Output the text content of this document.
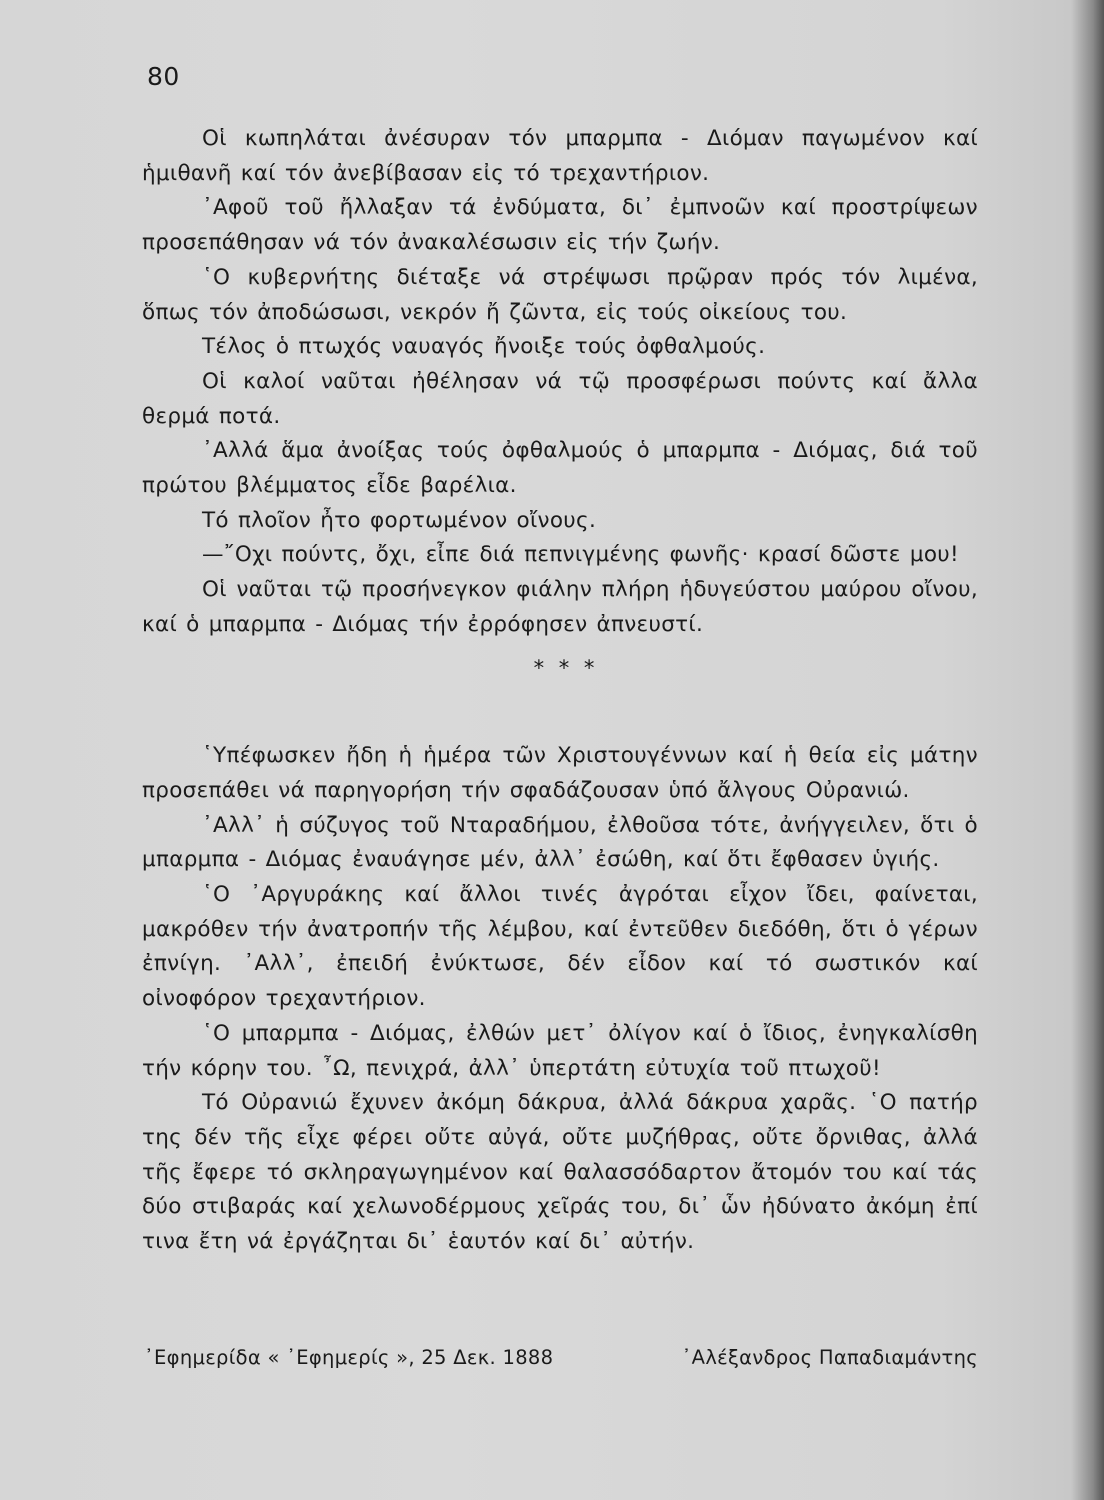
80

Οἱ κωπηλάται ἀνέσυραν τόν μπαρμπα - Διόμαν παγωμένον καί ἡμιθανῆ καί τόν ἀνεβίβασαν εἰς τό τρεχαντήριον.

᾿Αφοῦ τοῦ ἤλλαξαν τά ἐνδύματα, δι᾿ ἐμπνοῶν καί προστρίψεων προσεπάθησαν νά τόν ἀνακαλέσωσιν εἰς τήν ζωήν.

῾Ο κυβερνήτης διέταξε νά στρέψωσι πρῷραν πρός τόν λιμένα, ὅπως τόν ἀποδώσωσι, νεκρόν ἤ ζῶντα, εἰς τούς οἰκείους του.

Τέλος ὁ πτωχός ναυαγός ἤνοιξε τούς ὀφθαλμούς.

Οἱ καλοί ναῦται ἠθέλησαν νά τῷ προσφέρωσι πούντς καί ἄλλα θερμά ποτά.

᾿Αλλά ἅμα ἀνοίξας τούς ὀφθαλμούς ὁ μπαρμπα - Διόμας, διά τοῦ πρώτου βλέμματος εἶδε βαρέλια.

Τό πλοῖον ἦτο φορτωμένον οἴνους.

—῎Οχι πούντς, ὄχι, εἶπε διά πεπνιγμένης φωνῆς· κρασί δῶστε μου!

Οἱ ναῦται τῷ προσήνεγκον φιάλην πλήρη ἡδυγεύστου μαύρου οἴνου, καί ὁ μπαρμπα - Διόμας τήν ἐρρόφησεν ἀπνευστί.

* * *

῾Υπέφωσκεν ἤδη ἡ ἡμέρα τῶν Χριστουγέννων καί ἡ θεία εἰς μάτην προσεπάθει νά παρηγορήση τήν σφαδάζουσαν ὑπό ἄλγους Οὐρανιώ.

᾿Αλλ᾿ ἡ σύζυγος τοῦ Νταραδήμου, ἐλθοῦσα τότε, ἀνήγγειλεν, ὅτι ὁ μπαρμπα - Διόμας ἐναυάγησε μέν, ἀλλ᾿ ἐσώθη, καί ὅτι ἔφθασεν ὑγιής.

῾Ο ᾿Αργυράκης καί ἄλλοι τινές ἀγρόται εἶχον ἴδει, φαίνεται, μακρόθεν τήν ἀνατροπήν τῆς λέμβου, καί ἐντεῦθεν διεδόθη, ὅτι ὁ γέρων ἐπνίγη. ᾿Αλλ᾿, ἐπειδή ἐνύκτωσε, δέν εἶδον καί τό σωστικόν καί οἰνοφόρον τρεχαντήριον.

῾Ο μπαρμπα - Διόμας, ἐλθών μετ᾿ ὀλίγον καί ὁ ἴδιος, ἐνηγκαλίσθη τήν κόρην του. ῏Ω, πενιχρά, ἀλλ᾿ ὑπερτάτη εὐτυχία τοῦ πτωχοῦ!

Τό Οὐρανιώ ἔχυνεν ἀκόμη δάκρυα, ἀλλά δάκρυα χαρᾶς. ῾Ο πατήρ της δέν τῆς εἶχε φέρει οὔτε αὐγά, οὔτε μυζήθρας, οὔτε ὄρνιθας, ἀλλά τῆς ἔφερε τό σκληραγωγημένον καί θαλασσόδαρτον ἄτομόν του καί τάς δύο στιβαράς καί χελωνοδέρμους χεῖράς του, δι᾿ ὧν ἠδύνατο ἀκόμη ἐπί τινα ἔτη νά ἐργάζηται δι᾿ ἑαυτόν καί δι᾿ αὐτήν.

᾿Εφημερίδα « ᾿Εφημερίς », 25 Δεκ. 1888	᾿Αλέξανδρος Παπαδιαμάντης
